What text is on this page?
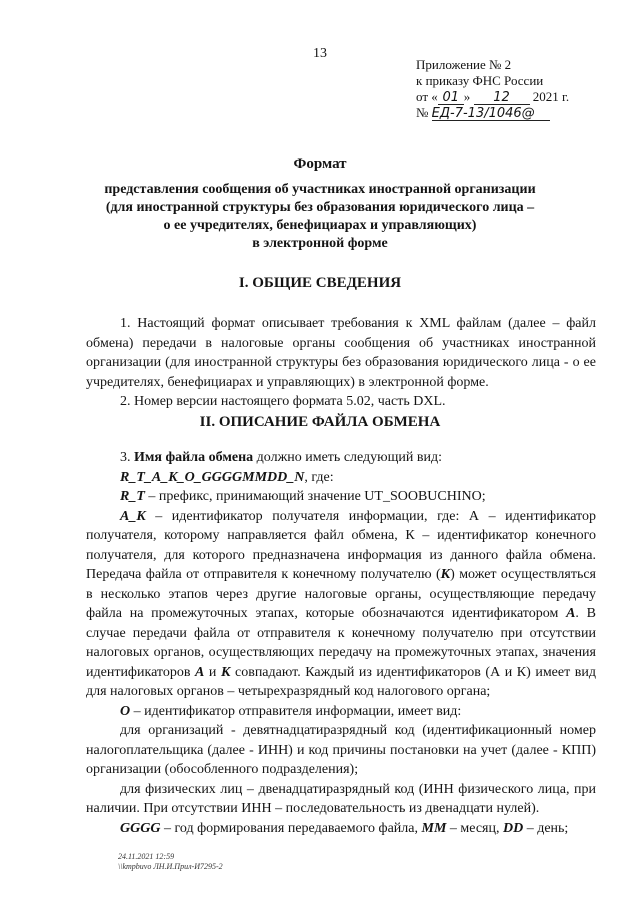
13
Приложение № 2
к приказу ФНС России
от « 01 » 12 2021 г.
№ ЕД-7-13/1046@
Формат
представления сообщения об участниках иностранной организации
(для иностранной структуры без образования юридического лица –
о ее учредителях, бенефициарах и управляющих)
в электронной форме
I. ОБЩИЕ СВЕДЕНИЯ

1. Настоящий формат описывает требования к XML файлам (далее – файл обмена) передачи в налоговые органы сообщения об участниках иностранной организации (для иностранной структуры без образования юридического лица - о ее учредителях, бенефициарах и управляющих) в электронной форме.

2. Номер версии настоящего формата 5.02, часть DXL.

II. ОПИСАНИЕ ФАЙЛА ОБМЕНА

3. Имя файла обмена должно иметь следующий вид:

R_T_A_K_O_GGGGMMDD_N, где:

R_T – префикс, принимающий значение UT_SOOBUCHINO;

A_K – идентификатор получателя информации, где: А – идентификатор получателя, которому направляется файл обмена, К – идентификатор конечного получателя, для которого предназначена информация из данного файла обмена. Передача файла от отправителя к конечному получателю (К) может осуществляться в несколько этапов через другие налоговые органы, осуществляющие передачу файла на промежуточных этапах, которые обозначаются идентификатором А. В случае передачи файла от отправителя к конечному получателю при отсутствии налоговых органов, осуществляющих передачу на промежуточных этапах, значения идентификаторов А и К совпадают. Каждый из идентификаторов (А и К) имеет вид для налоговых органов – четырехразрядный код налогового органа;

O – идентификатор отправителя информации, имеет вид:

для организаций - девятнадцатиразрядный код (идентификационный номер налогоплательщика (далее - ИНН) и код причины постановки на учет (далее - КПП) организации (обособленного подразделения);

для физических лиц – двенадцатиразрядный код (ИНН физического лица, при наличии. При отсутствии ИНН – последовательность из двенадцати нулей).

GGGG – год формирования передаваемого файла, ММ – месяц, DD – день;

24.11.2021 12:59
\\kmpbuvo ЛН.И.Прил-И7295-2
